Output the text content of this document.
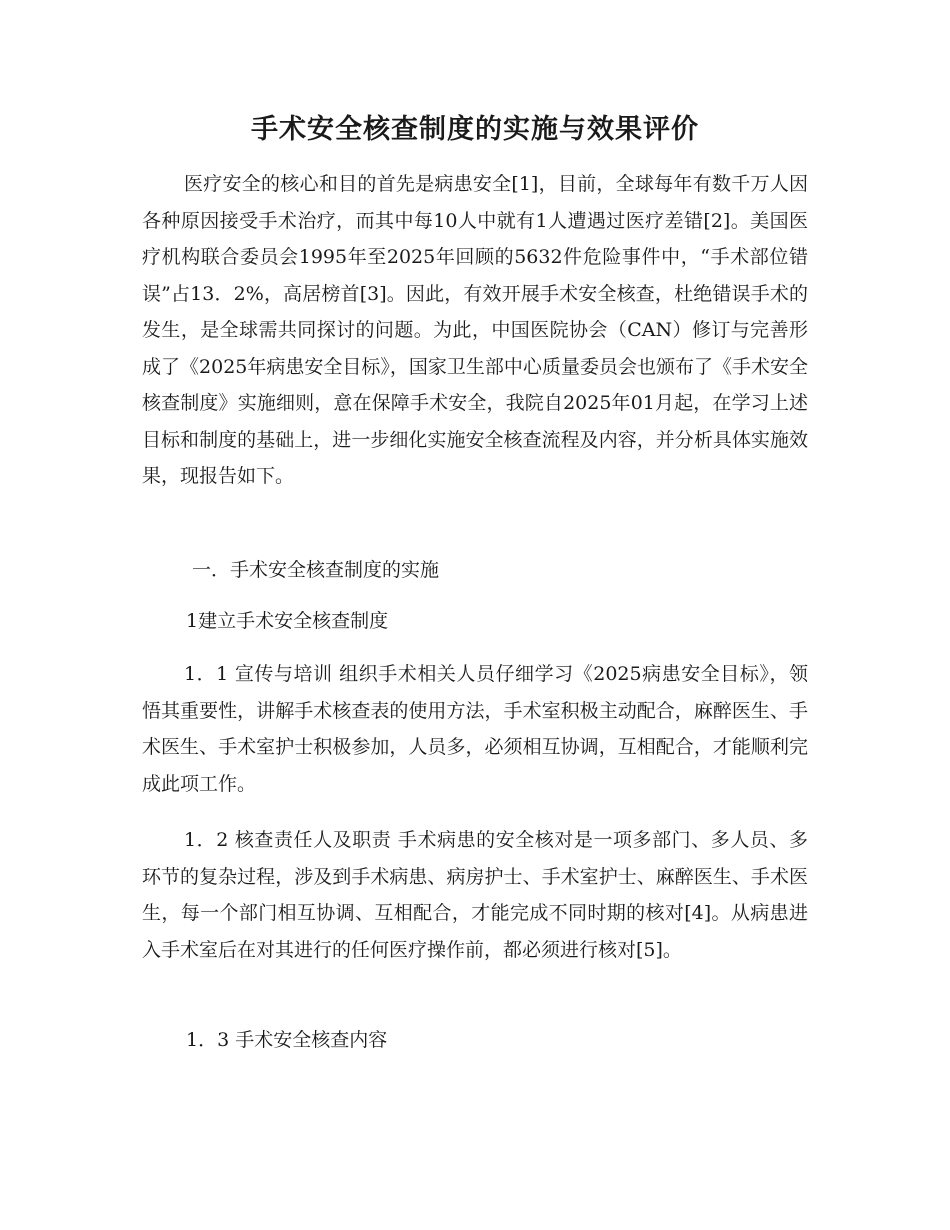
手术安全核查制度的实施与效果评价
医疗安全的核心和目的首先是病患安全[1]，目前，全球每年有数千万人因各种原因接受手术治疗，而其中每10人中就有1人遭遇过医疗差错[2]。美国医疗机构联合委员会1995年至2025年回顾的5632件危险事件中，“手术部位错误”占13．2%，高居榜首[3]。因此，有效开展手术安全核查，杜绝错误手术的发生，是全球需共同探讨的问题。为此，中国医院协会（CAN）修订与完善形成了《2025年病患安全目标》，国家卫生部中心质量委员会也颁布了《手术安全核查制度》实施细则，意在保障手术安全，我院自2025年01月起，在学习上述目标和制度的基础上，进一步细化实施安全核查流程及内容，并分析具体实施效果，现报告如下。
一．手术安全核查制度的实施
1建立手术安全核查制度
1．1 宣传与培训 组织手术相关人员仔细学习《2025病患安全目标》，领悟其重要性，讲解手术核查表的使用方法，手术室积极主动配合，麻醉医生、手术医生、手术室护士积极参加，人员多，必须相互协调，互相配合，才能顺利完成此项工作。
1．2 核查责任人及职责 手术病患的安全核对是一项多部门、多人员、多环节的复杂过程，涉及到手术病患、病房护士、手术室护士、麻醉医生、手术医生，每一个部门相互协调、互相配合，才能完成不同时期的核对[4]。从病患进入手术室后在对其进行的任何医疗操作前，都必须进行核对[5]。
1．3 手术安全核查内容
